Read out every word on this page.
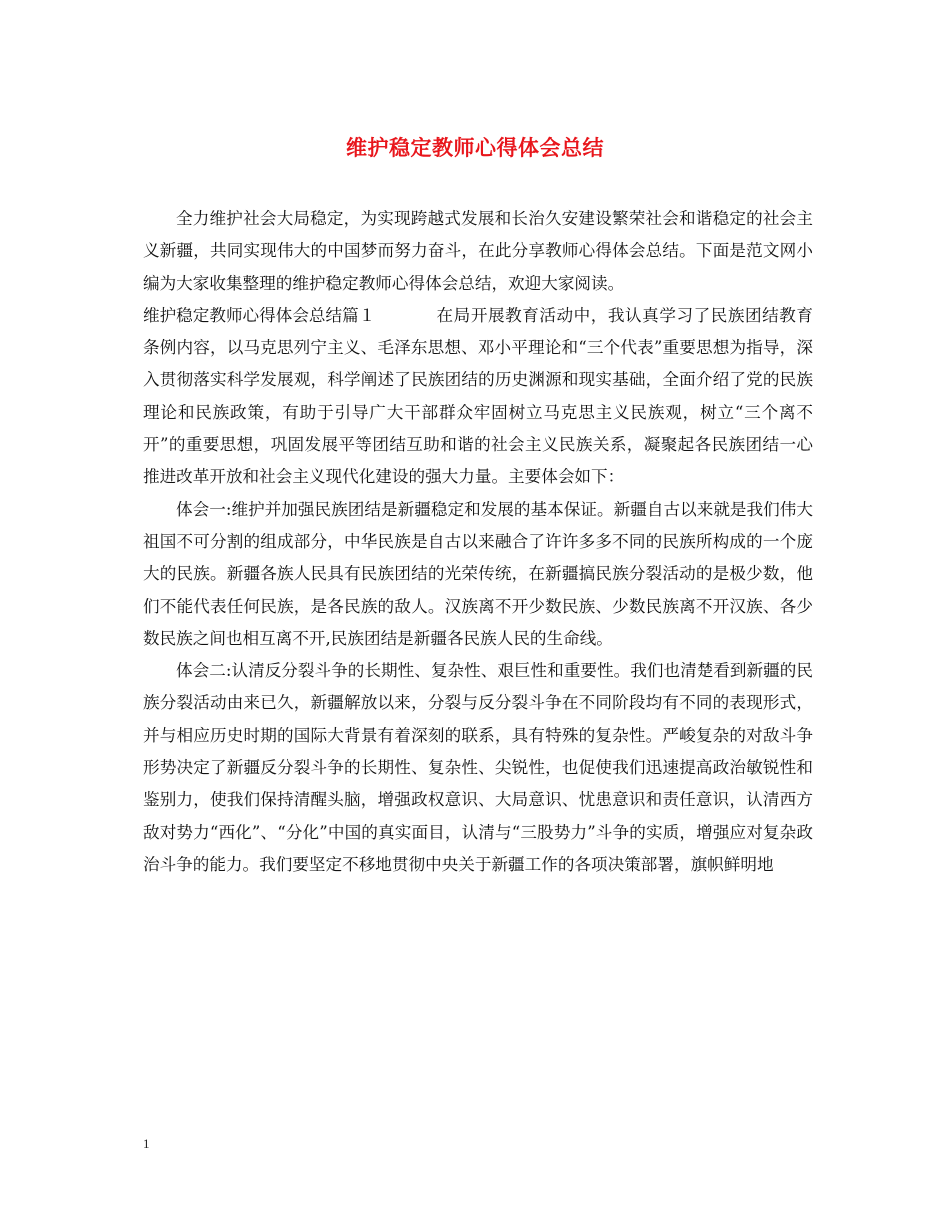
维护稳定教师心得体会总结

全力维护社会大局稳定，为实现跨越式发展和长治久安建设繁荣社会和谐稳定的社会主义新疆，共同实现伟大的中国梦而努力奋斗，在此分享教师心得体会总结。下面是范文网小编为大家收集整理的维护稳定教师心得体会总结，欢迎大家阅读。

维护稳定教师心得体会总结篇１	在局开展教育活动中，我认真学习了民族团结教育条例内容，以马克思列宁主义、毛泽东思想、邓小平理论和“三个代表”重要思想为指导，深入贯彻落实科学发展观，科学阐述了民族团结的历史渊源和现实基础，全面介绍了党的民族理论和民族政策，有助于引导广大干部群众牢固树立马克思主义民族观，树立“三个离不开”的重要思想，巩固发展平等团结互助和谐的社会主义民族关系，凝聚起各民族团结一心推进改革开放和社会主义现代化建设的强大力量。主要体会如下：

体会一:维护并加强民族团结是新疆稳定和发展的基本保证。新疆自古以来就是我们伟大祖国不可分割的组成部分，中华民族是自古以来融合了许许多多不同的民族所构成的一个庞大的民族。新疆各族人民具有民族团结的光荣传统，在新疆搞民族分裂活动的是极少数，他们不能代表任何民族，是各民族的敌人。汉族离不开少数民族、少数民族离不开汉族、各少数民族之间也相互离不开,民族团结是新疆各民族人民的生命线。

体会二:认清反分裂斗争的长期性、复杂性、艰巨性和重要性。我们也清楚看到新疆的民族分裂活动由来已久，新疆解放以来，分裂与反分裂斗争在不同阶段均有不同的表现形式，并与相应历史时期的国际大背景有着深刻的联系，具有特殊的复杂性。严峻复杂的对敌斗争形势决定了新疆反分裂斗争的长期性、复杂性、尖锐性，也促使我们迅速提高政治敏锐性和鉴别力，使我们保持清醒头脑，增强政权意识、大局意识、忧患意识和责任意识，认清西方敌对势力“西化”、“分化”中国的真实面目，认清与“三股势力”斗争的实质，增强应对复杂政治斗争的能力。我们要坚定不移地贯彻中央关于新疆工作的各项决策部署，旗帜鲜明地

1
